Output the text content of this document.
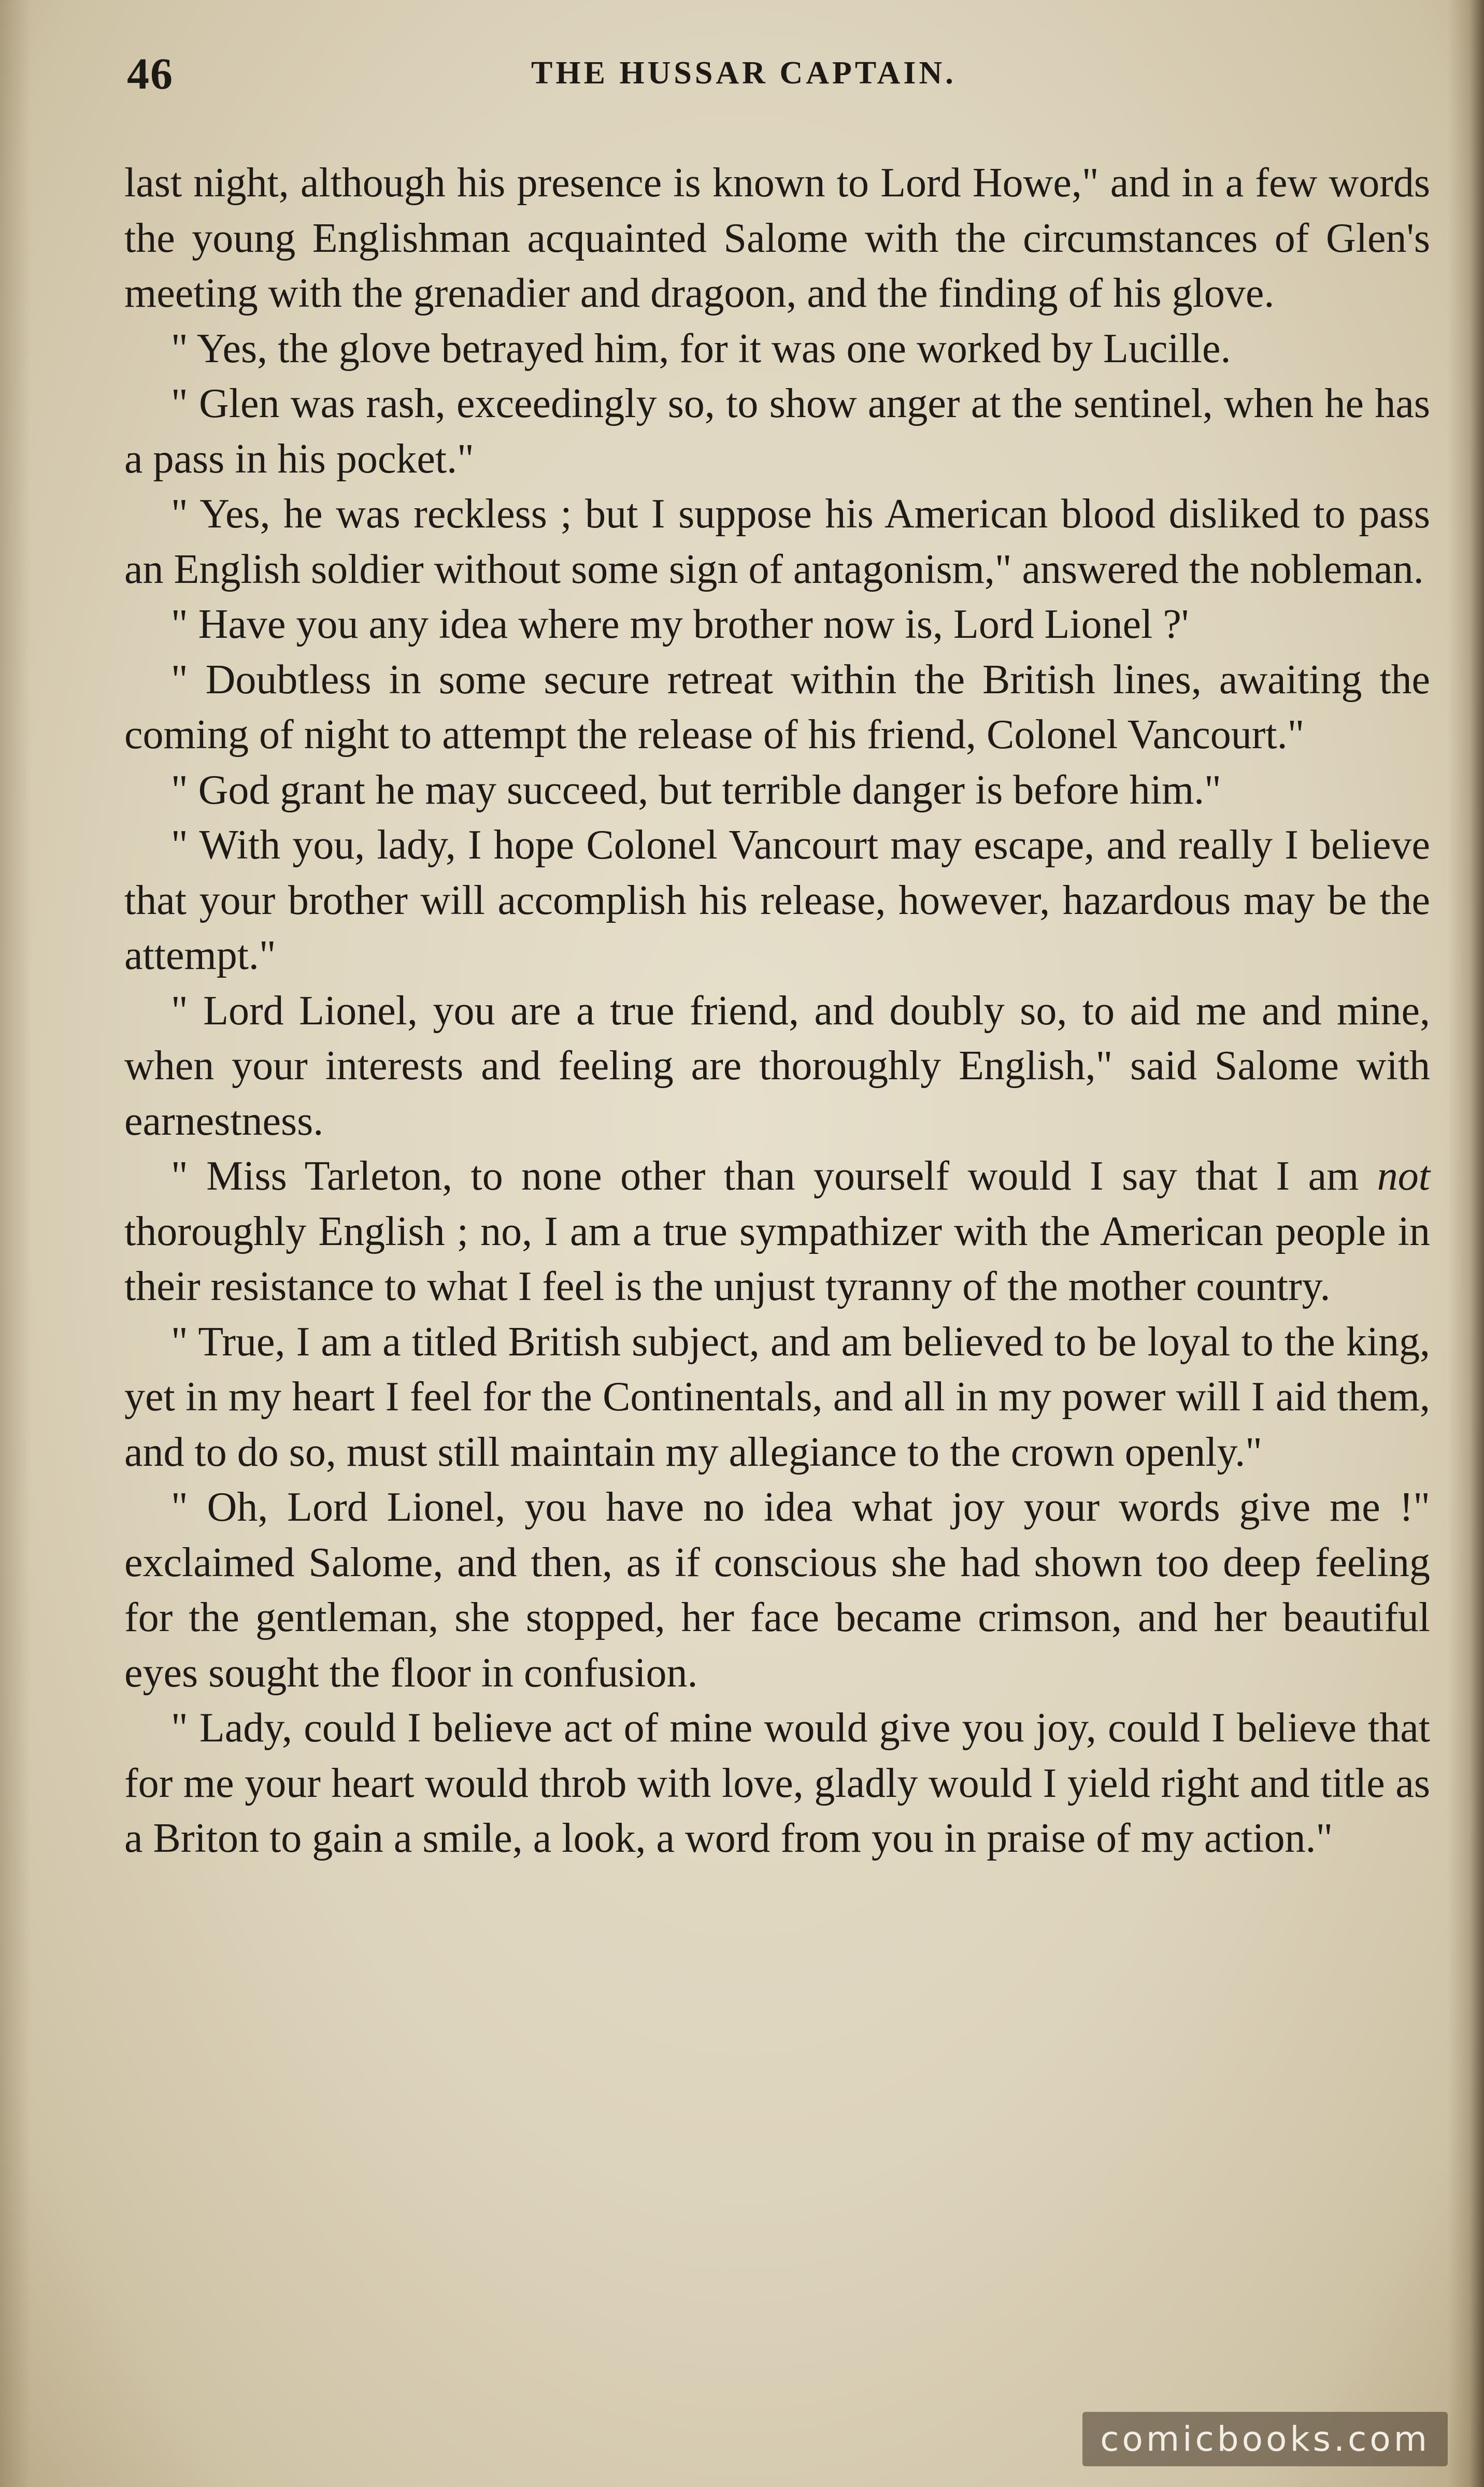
46	THE HUSSAR CAPTAIN.

last night, although his presence is known to Lord Howe," and in a few words the young Englishman acquainted Salome with the circumstances of Glen's meeting with the grenadier and dragoon, and the finding of his glove.

" Yes, the glove betrayed him, for it was one worked by Lucille.

" Glen was rash, exceedingly so, to show anger at the sentinel, when he has a pass in his pocket."

" Yes, he was reckless ; but I suppose his American blood disliked to pass an English soldier without some sign of antagonism," answered the nobleman.

" Have you any idea where my brother now is, Lord Lionel ?'

" Doubtless in some secure retreat within the British lines, awaiting the coming of night to attempt the release of his friend, Colonel Vancourt."

" God grant he may succeed, but terrible danger is before him."

" With you, lady, I hope Colonel Vancourt may escape, and really I believe that your brother will accomplish his release, however, hazardous may be the attempt."

" Lord Lionel, you are a true friend, and doubly so, to aid me and mine, when your interests and feeling are thoroughly English," said Salome with earnestness.

" Miss Tarleton, to none other than yourself would I say that I am not thoroughly English ; no, I am a true sympathizer with the American people in their resistance to what I feel is the unjust tyranny of the mother country.

" True, I am a titled British subject, and am believed to be loyal to the king, yet in my heart I feel for the Continentals, and all in my power will I aid them, and to do so, must still maintain my allegiance to the crown openly."

" Oh, Lord Lionel, you have no idea what joy your words give me !" exclaimed Salome, and then, as if conscious she had shown too deep feeling for the gentleman, she stopped, her face became crimson, and her beautiful eyes sought the floor in confusion.

" Lady, could I believe act of mine would give you joy, could I believe that for me your heart would throb with love, gladly would I yield right and title as a Briton to gain a smile, a look, a word from you in praise of my action."

comicbooks.com
